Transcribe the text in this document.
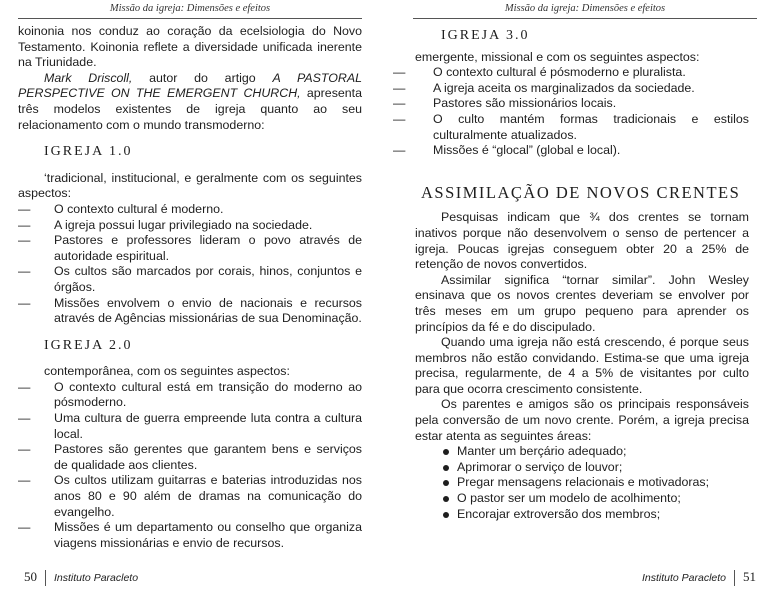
Missão da igreja: Dimensões e efeitos

koinonia nos conduz ao coração da ecelsiologia do Novo Testamento. Koinonia reflete a diversidade unificada inerente na Triunidade.

Mark Driscoll, autor do artigo A PASTORAL PERSPECTIVE ON THE EMERGENT CHURCH, apresenta três modelos existentes de igreja quanto ao seu relacionamento com o mundo transmoderno:

IGREJA 1.0

‘tradicional, institucional, e geralmente com os seguintes aspectos:

— O contexto cultural é moderno.
— A igreja possui lugar privilegiado na sociedade.
— Pastores e professores lideram o povo através de autoridade espiritual.
— Os cultos são marcados por corais, hinos, conjuntos e órgãos.
— Missões envolvem o envio de nacionais e recursos através de Agências missionárias de sua Denominação.
IGREJA 2.0

contemporânea, com os seguintes aspectos:

— O contexto cultural está em transição do moderno ao pósmoderno.
— Uma cultura de guerra empreende luta contra a cultura local.
— Pastores são gerentes que garantem bens e serviços de qualidade aos clientes.
— Os cultos utilizam guitarras e baterias introduzidas nos anos 80 e 90 além de dramas na comunicação do evangelho.
— Missões é um departamento ou conselho que organiza viagens missionárias e envio de recursos.
50 Instituto Paracleto
Missão da igreja: Dimensões e efeitos
IGREJA 3.0

emergente, missional e com os seguintes aspectos:

— O contexto cultural é pósmoderno e pluralista.
— A igreja aceita os marginalizados da sociedade.
— Pastores são missionários locais.
— O culto mantém formas tradicionais e estilos culturalmente atualizados.
— Missões é “glocal” (global e local).
ASSIMILAÇÃO DE NOVOS CRENTES

Pesquisas indicam que ¾ dos crentes se tornam inativos porque não desenvolvem o senso de pertencer a igreja. Poucas igrejas conseguem obter 20 a 25% de retenção de novos convertidos.

Assimilar significa “tornar similar”. John Wesley ensinava que os novos crentes deveriam se envolver por três meses em um grupo pequeno para aprender os princípios da fé e do discipulado.

Quando uma igreja não está crescendo, é porque seus membros não estão convidando. Estima-se que uma igreja precisa, regularmente, de 4 a 5% de visitantes por culto para que ocorra crescimento consistente.

Os parentes e amigos são os principais responsáveis pela conversão de um novo crente. Porém, a igreja precisa estar atenta as seguintes áreas:

Manter um berçário adequado;
Aprimorar o serviço de louvor;
Pregar mensagens relacionais e motivadoras;
O pastor ser um modelo de acolhimento;
Encorajar extroversão dos membros;
Instituto Paracleto 51
